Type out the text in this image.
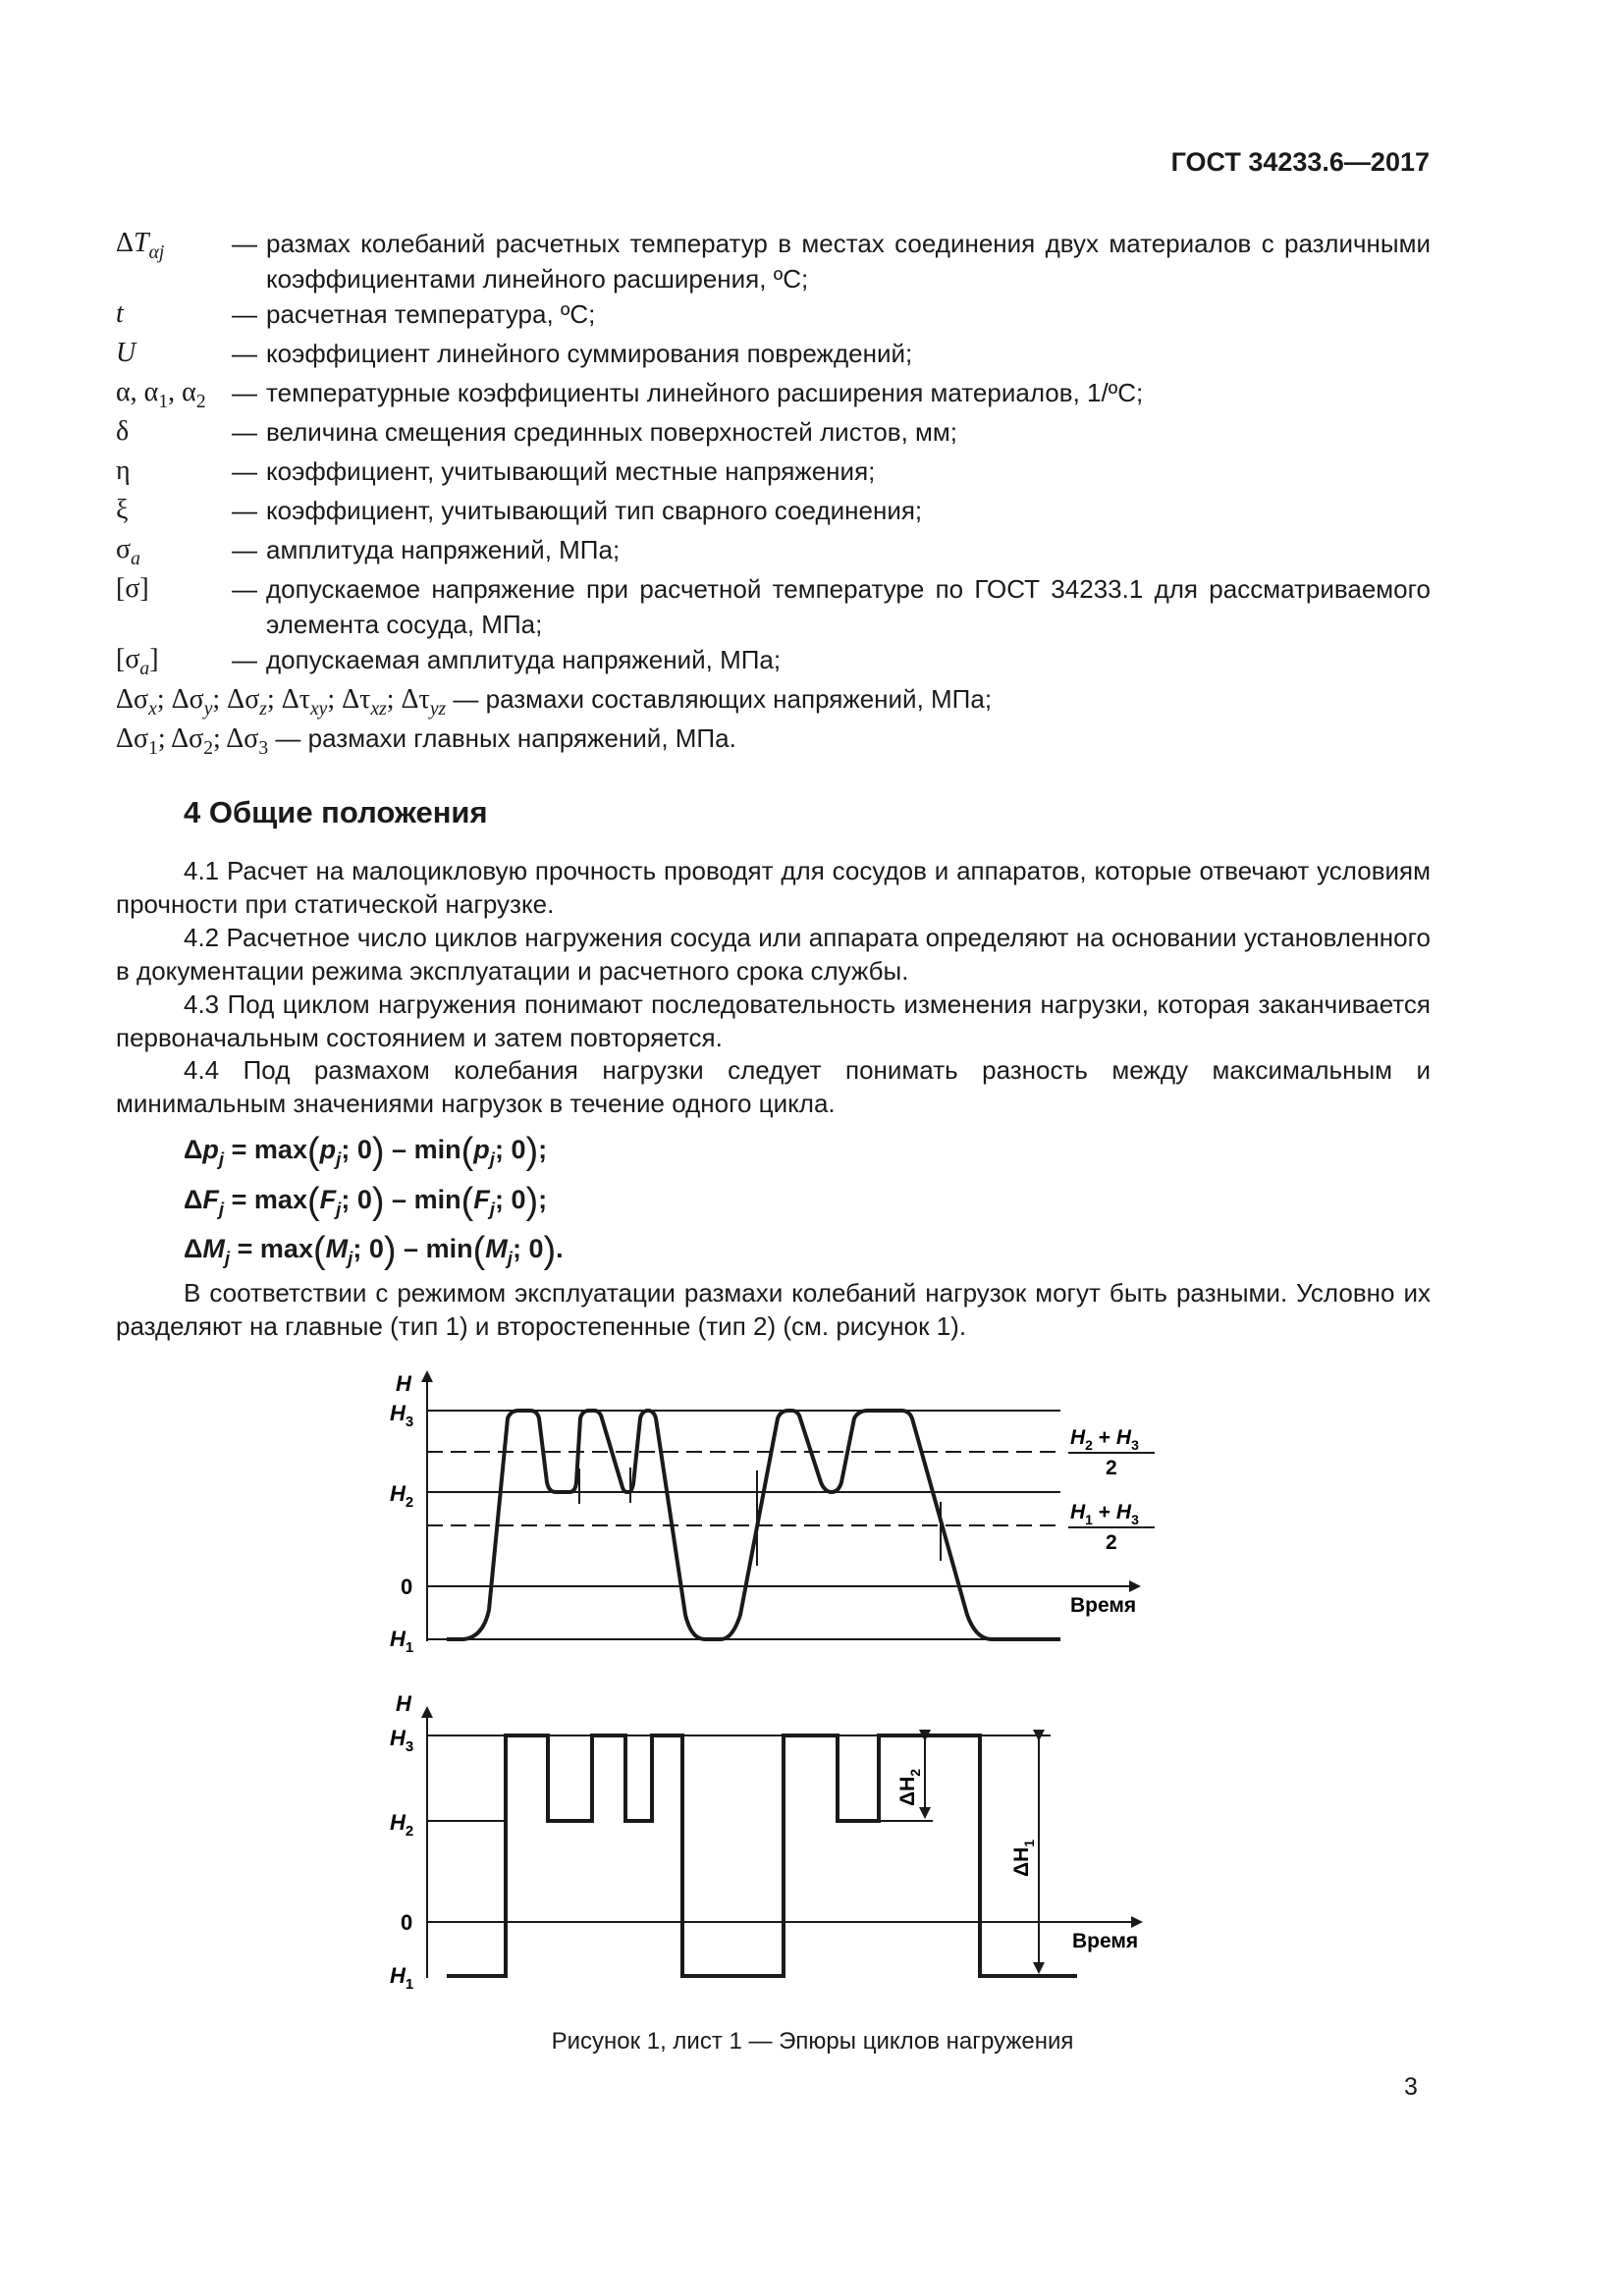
ГОСТ 34233.6—2017
$\Delta T_{\alpha j}$	— размах колебаний расчетных температур в местах соединения двух материалов с различными коэффициентами линейного расширения, ºС;
t	— расчетная температура, ºС;
U	— коэффициент линейного суммирования повреждений;
α, $\alpha_1$, $\alpha_2$ — температурные коэффициенты линейного расширения материалов, 1/ºС;
δ	— величина смещения срединных поверхностей листов, мм;
η	— коэффициент, учитывающий местные напряжения;
ξ	— коэффициент, учитывающий тип сварного соединения;
$\sigma_a$	— амплитуда напряжений, МПа;
[σ]	— допускаемое напряжение при расчетной температуре по ГОСТ 34233.1 для рассматриваемого элемента сосуда, МПа;
$[\sigma_a]$	— допускаемая амплитуда напряжений, МПа;
$\Delta\sigma_x$; $\Delta\sigma_y$; $\Delta\sigma_z$; $\Delta\tau_{xy}$; $\Delta\tau_{xz}$; $\Delta\tau_{yz}$ — размахи составляющих напряжений, МПа;
$\Delta\sigma_1$; $\Delta\sigma_2$; $\Delta\sigma_3$ — размахи главных напряжений, МПа.
4 Общие положения
4.1 Расчет на малоцикловую прочность проводят для сосудов и аппаратов, которые отвечают условиям прочности при статической нагрузке.
4.2 Расчетное число циклов нагружения сосуда или аппарата определяют на основании установленного в документации режима эксплуатации и расчетного срока службы.
4.3 Под циклом нагружения понимают последовательность изменения нагрузки, которая заканчивается первоначальным состоянием и затем повторяется.
4.4 Под размахом колебания нагрузки следует понимать разность между максимальным и минимальным значениями нагрузок в течение одного цикла.
$\Delta p_j = \max(p_j$; $0) - \min(p_j$; 0);
$\Delta F_j = \max(F_j$; $0) - \min(F_j$; 0);
$\Delta M_j = \max(M_j$; $0) - \min(M_j$; 0).
В соответствии с режимом эксплуатации размахи колебаний нагрузок могут быть разными. Условно их разделяют на главные (тип 1) и второстепенные (тип 2) (см. рисунок 1).
H
$H_3$
$H_2$
0
$H_1$
Время
$H_2 + H_3$
2
$H_1 + H_3$
2
H
$H_3$
$H_2$
0
$H_1$
Время
$\Delta H_2$
$\Delta H_1$
Рисунок 1, лист 1 — Эпюры циклов нагружения
3
